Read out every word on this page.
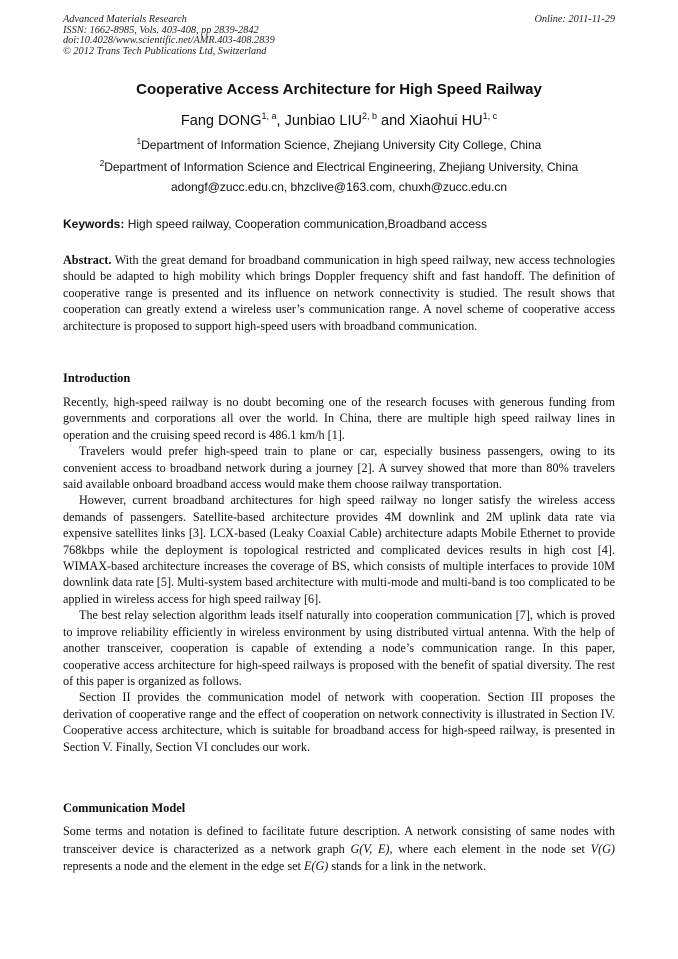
Advanced Materials Research
ISSN: 1662-8985, Vols. 403-408, pp 2839-2842
doi:10.4028/www.scientific.net/AMR.403-408.2839
© 2012 Trans Tech Publications Ltd, Switzerland
Online: 2011-11-29
Cooperative Access Architecture for High Speed Railway
Fang DONG$^{1, a}$, Junbiao LIU$^{2, b}$ and Xiaohui HU$^{1, c}$
$^1$Department of Information Science, Zhejiang University City College, China
$^2$Department of Information Science and Electrical Engineering, Zhejiang University, China
adongf@zucc.edu.cn, bhzclive@163.com, chuxh@zucc.edu.cn
Keywords: High speed railway, Cooperation communication,Broadband access
Abstract. With the great demand for broadband communication in high speed railway, new access technologies should be adapted to high mobility which brings Doppler frequency shift and fast handoff. The definition of cooperative range is presented and its influence on network connectivity is studied. The result shows that cooperation can greatly extend a wireless user’s communication range. A novel scheme of cooperative access architecture is proposed to support high-speed users with broadband communication.
Introduction

Recently, high-speed railway is no doubt becoming one of the research focuses with generous funding from governments and corporations all over the world. In China, there are multiple high speed railway lines in operation and the cruising speed record is 486.1 km/h [1].

Travelers would prefer high-speed train to plane or car, especially business passengers, owing to its convenient access to broadband network during a journey [2]. A survey showed that more than 80% travelers said available onboard broadband access would make them choose railway transportation.

However, current broadband architectures for high speed railway no longer satisfy the wireless access demands of passengers. Satellite-based architecture provides 4M downlink and 2M uplink data rate via expensive satellites links [3]. LCX-based (Leaky Coaxial Cable) architecture adapts Mobile Ethernet to provide 768kbps while the deployment is topological restricted and complicated devices results in high cost [4]. WIMAX-based architecture increases the coverage of BS, which consists of multiple interfaces to provide 10M downlink data rate [5]. Multi-system based architecture with multi-mode and multi-band is too complicated to be applied in wireless access for high speed railway [6].

The best relay selection algorithm leads itself naturally into cooperation communication [7], which is proved to improve reliability efficiently in wireless environment by using distributed virtual antenna. With the help of another transceiver, cooperation is capable of extending a node’s communication range. In this paper, cooperative access architecture for high-speed railways is proposed with the benefit of spatial diversity. The rest of this paper is organized as follows.

Section II provides the communication model of network with cooperation. Section III proposes the derivation of cooperative range and the effect of cooperation on network connectivity is illustrated in Section IV. Cooperative access architecture, which is suitable for broadband access for high-speed railway, is presented in Section V. Finally, Section VI concludes our work.

Communication Model

Some terms and notation is defined to facilitate future description. A network consisting of same nodes with transceiver device is characterized as a network graph G(V, E), where each element in the node set V(G) represents a node and the element in the edge set E(G) stands for a link in the network.
